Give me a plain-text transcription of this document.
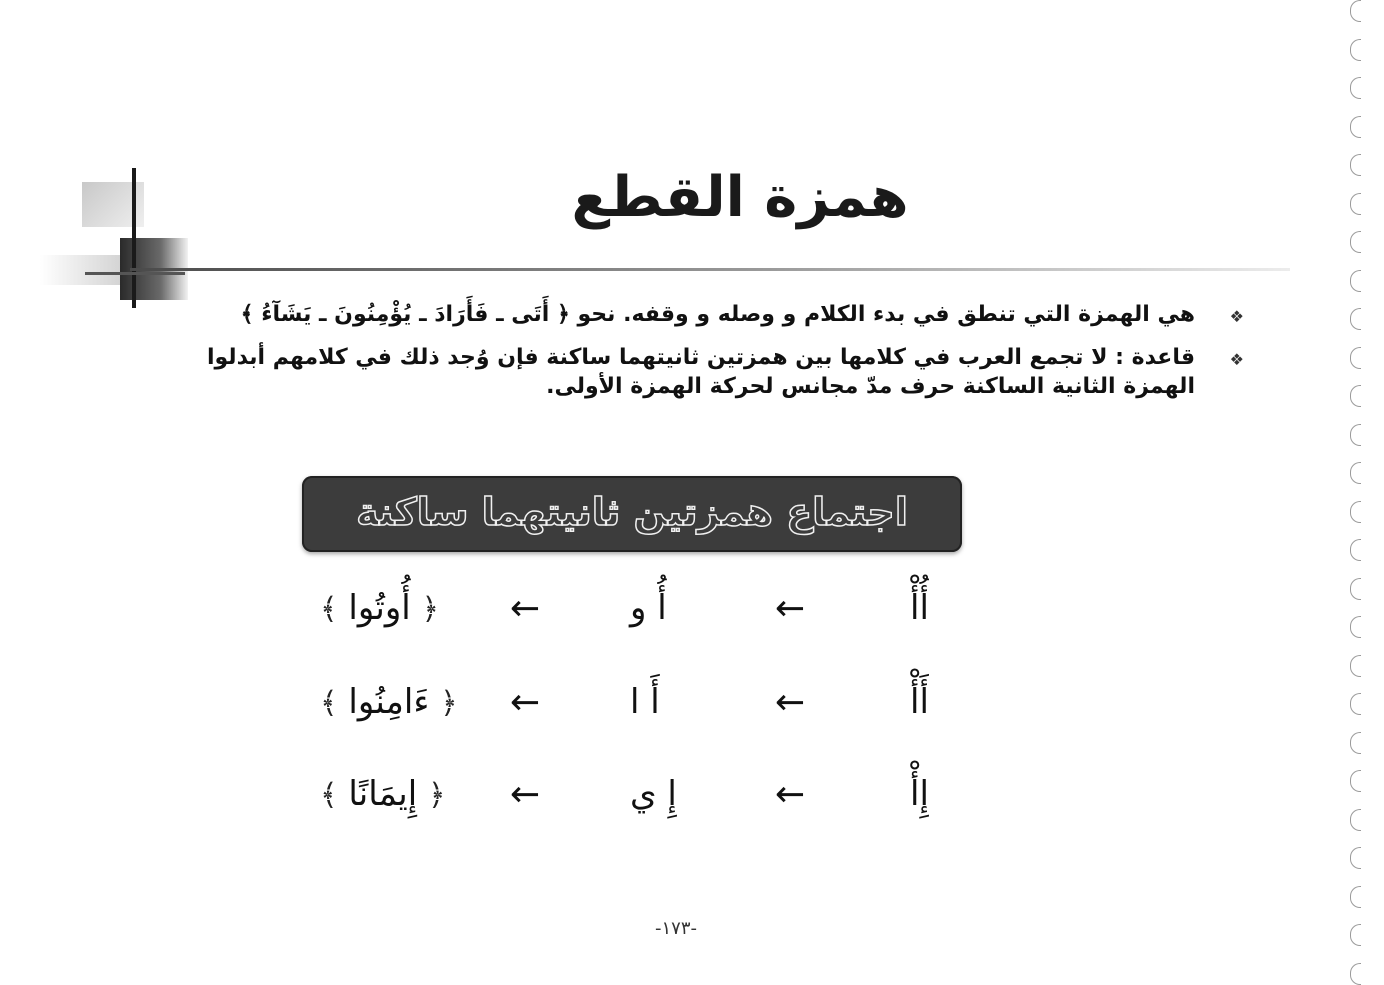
همزة القطع
❖
هي الهمزة التي تنطق في بدء الكلام و وصله و وقفه. نحو ﴿ أَتَى ـ فَأَرَادَ ـ يُؤْمِنُونَ ـ يَشَآءُ ﴾
❖
قاعدة : لا تجمع العرب في كلامها بين همزتين ثانيتهما ساكنة فإن وُجد ذلك في كلامهم أبدلوا الهمزة الثانية الساكنة حرف مدّ مجانس لحركة الهمزة الأولى.
اجتماع همزتين ثانيتهما ساكنة
أُأْ
←
أُ و
←
﴿ أُوتُوا ﴾
أَأْ
←
أَ ا
←
﴿ ءَامِنُوا ﴾
إِأْ
←
إِ ي
←
﴿ إِيمَانًا ﴾
-١٧٣-
